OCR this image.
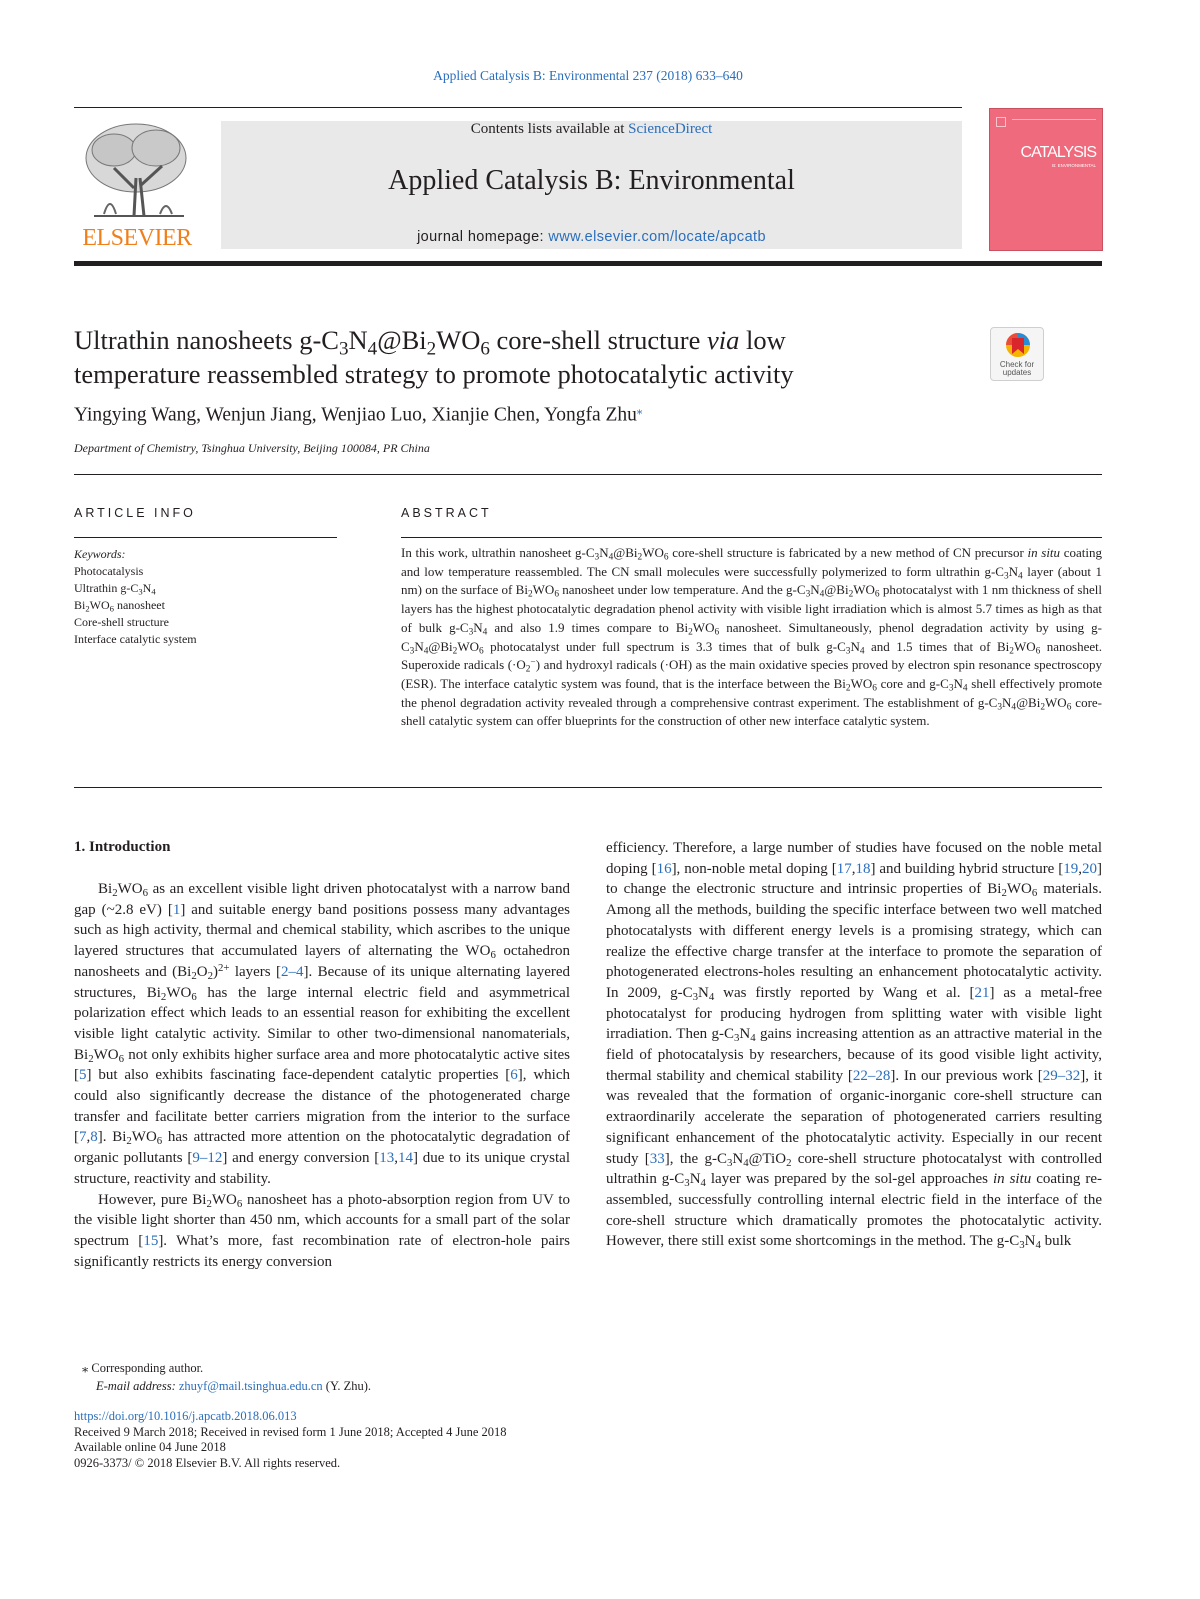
Applied Catalysis B: Environmental 237 (2018) 633–640
ELSEVIER
Contents lists available at ScienceDirect
Applied Catalysis B: Environmental
journal homepage: www.elsevier.com/locate/apcatb
CATALYSIS
B: ENVIRONMENTAL
Ultrathin nanosheets $g-C_3N_4@Bi_2WO_6$ core-shell structure via low
temperature reassembled strategy to promote photocatalytic activity	Check for
updates
Yingying Wang, Wenjun Jiang, Wenjiao Luo, Xianjie Chen, Yongfa Zhu⁎
Department of Chemistry, Tsinghua University, Beijing 100084, PR China
ARTICLE INFO
Keywords:
Photocatalysis
Ultrathin $g-C_3N_4$
$Bi_2WO_6$ nanosheet
Core-shell structure
Interface catalytic system
ABSTRACT
In this work, ultrathin nanosheet $g-C_3N_4@Bi_2WO_6$ core-shell structure is fabricated by a new method of CN precursor in situ coating and low temperature reassembled. The CN small molecules were successfully polymerized to form ultrathin $g-C_3N_4$ layer (about 1 nm) on the surface of $Bi_2WO_6$ nanosheet under low temperature. And the $g-C_3N_4@Bi_2WO_6$ photocatalyst with 1 nm thickness of shell layers has the highest photocatalytic degradation phenol activity with visible light irradiation which is almost 5.7 times as high as that of bulk $g-C_3N_4$ and also 1.9 times compare to $Bi_2WO_6$ nanosheet. Simultaneously, phenol degradation activity by using $g-C_3N_4@Bi_2WO_6$ photocatalyst under full spectrum is 3.3 times that of bulk $g-C_3N_4$ and 1.5 times that of $Bi_2WO_6$ nanosheet. Superoxide radicals $(\cdot O_2^-)$ and hydroxyl radicals (·OH) as the main oxidative species proved by electron spin resonance spectroscopy (ESR). The interface catalytic system was found, that is the interface between the $Bi_2WO_6$ core and $g-C_3N_4$ shell effectively promote the phenol degradation activity revealed through a comprehensive contrast experiment. The establishment of $g-C_3N_4@Bi_2WO_6$ core-shell catalytic system can offer blueprints for the construction of other new interface catalytic system.
1. Introduction

$Bi_2WO_6$ as an excellent visible light driven photocatalyst with a narrow band gap (~2.8 eV) [1] and suitable energy band positions possess many advantages such as high activity, thermal and chemical stability, which ascribes to the unique layered structures that accumulated layers of alternating the $WO_6$ octahedron nanosheets and $(Bi_2O_2)^{2+}$ layers [2–4]. Because of its unique alternating layered structures, $Bi_2WO_6$ has the large internal electric field and asymmetrical polarization effect which leads to an essential reason for exhibiting the excellent visible light catalytic activity. Similar to other two-dimensional nanomaterials, $Bi_2WO_6$ not only exhibits higher surface area and more photocatalytic active sites [5] but also exhibits fascinating face-dependent catalytic properties [6], which could also significantly decrease the distance of the photogenerated charge transfer and facilitate better carriers migration from the interior to the surface [7,8]. $Bi_2WO_6$ has attracted more attention on the photocatalytic degradation of organic pollutants [9–12] and energy conversion [13,14] due to its unique crystal structure, reactivity and stability.

However, pure $Bi_2WO_6$ nanosheet has a photo-absorption region from UV to the visible light shorter than 450 nm, which accounts for a small part of the solar spectrum [15]. What’s more, fast recombination rate of electron-hole pairs significantly restricts its energy conversion

efficiency. Therefore, a large number of studies have focused on the noble metal doping [16], non-noble metal doping [17,18] and building hybrid structure [19,20] to change the electronic structure and intrinsic properties of $Bi_2WO_6$ materials. Among all the methods, building the specific interface between two well matched photocatalysts with different energy levels is a promising strategy, which can realize the effective charge transfer at the interface to promote the separation of photogenerated electrons-holes resulting an enhancement photocatalytic activity. In 2009, $g-C_3N_4$ was firstly reported by Wang et al. [21] as a metal-free photocatalyst for producing hydrogen from splitting water with visible light irradiation. Then $g-C_3N_4$ gains increasing attention as an attractive material in the field of photocatalysis by researchers, because of its good visible light activity, thermal stability and chemical stability [22–28]. In our previous work [29–32], it was revealed that the formation of organic-inorganic core-shell structure can extraordinarily accelerate the separation of photogenerated carriers resulting significant enhancement of the photocatalytic activity. Especially in our recent study [33], the $g-C_3N_4@TiO_2$ core-shell structure photocatalyst with controlled ultrathin $g-C_3N_4$ layer was prepared by the sol-gel approaches in situ coating re-assembled, successfully controlling internal electric field in the interface of the core-shell structure which dramatically promotes the photocatalytic activity. However, there still exist some shortcomings in the method. The $g-C_3N_4$ bulk

⁎ Corresponding author.
E-mail address: zhuyf@mail.tsinghua.edu.cn (Y. Zhu).
https://doi.org/10.1016/j.apcatb.2018.06.013
Received 9 March 2018; Received in revised form 1 June 2018; Accepted 4 June 2018
Available online 04 June 2018
0926-3373/ © 2018 Elsevier B.V. All rights reserved.
